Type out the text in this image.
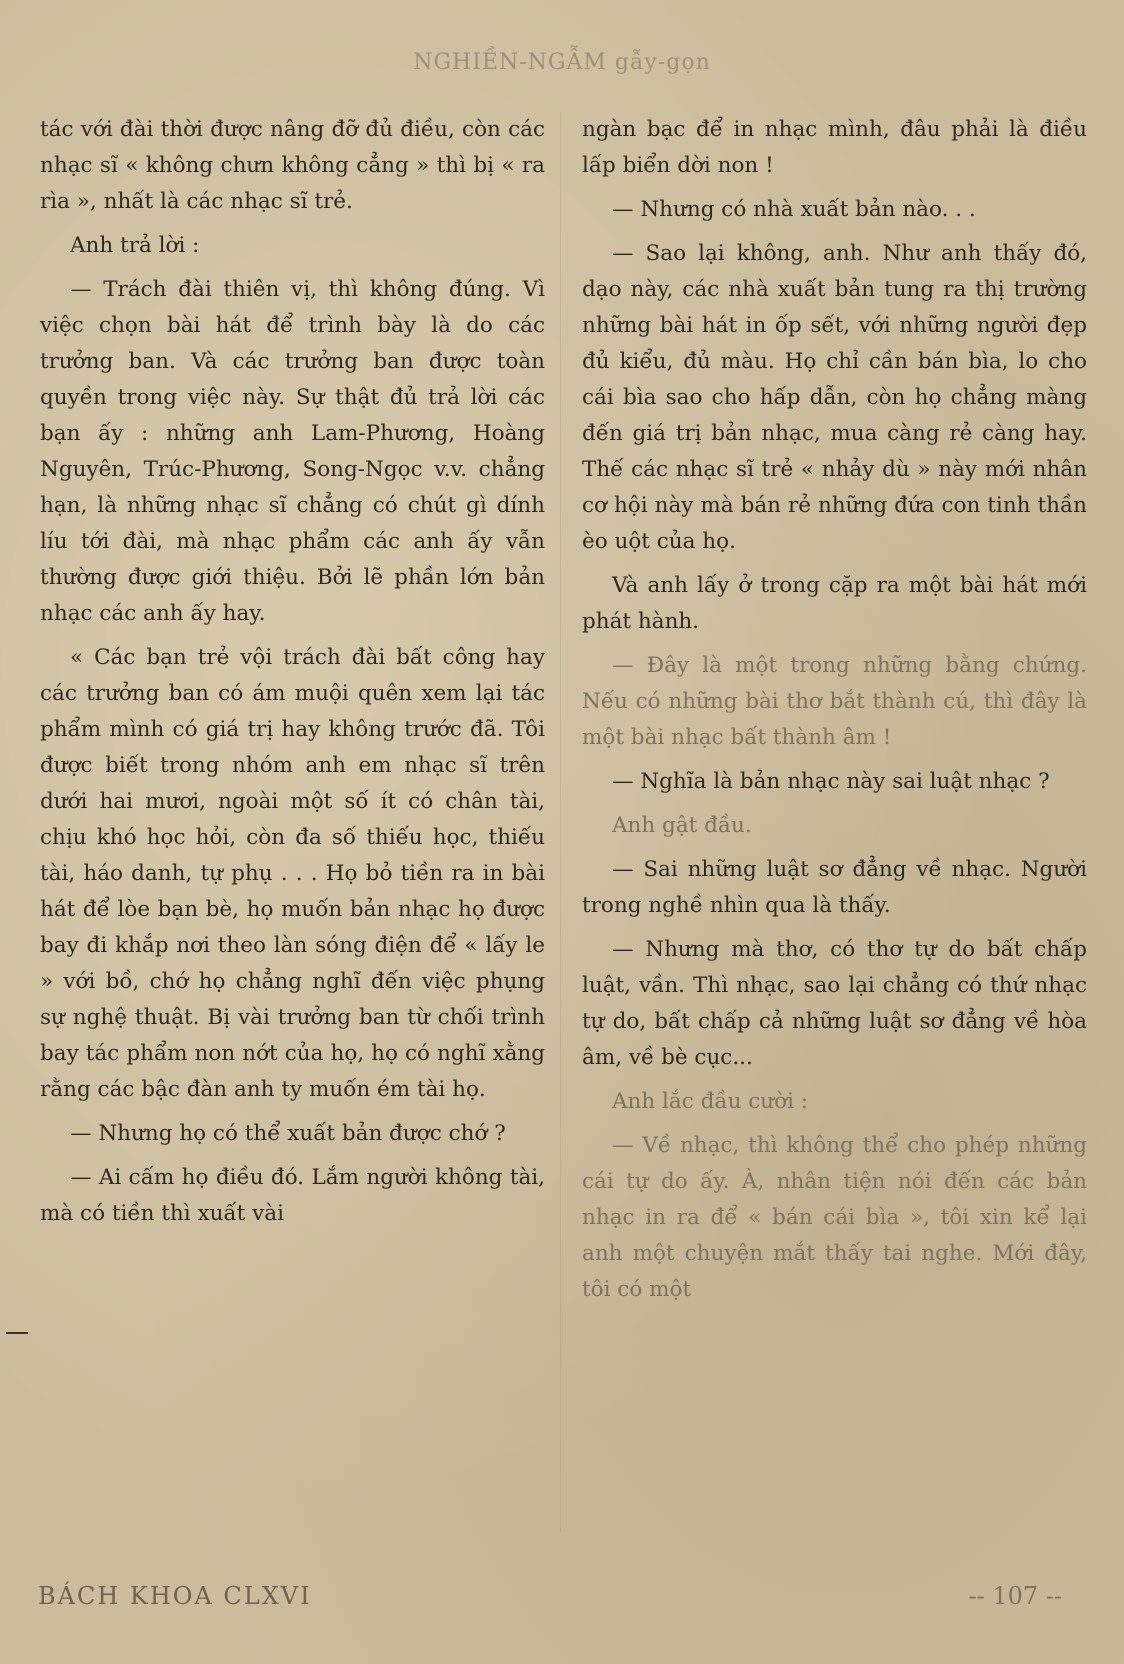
NGHIỀN-NGẪM gẫy-gọn

tác với đài thời được nâng đỡ đủ điều, còn các nhạc sĩ « không chưn không cẳng » thì bị « ra rìa », nhất là các nhạc sĩ trẻ.

Anh trả lời :

— Trách đài thiên vị, thì không đúng. Vì việc chọn bài hát để trình bày là do các trưởng ban. Và các trưởng ban được toàn quyền trong việc này. Sự thật đủ trả lời các bạn ấy : những anh Lam-Phương, Hoàng Nguyên, Trúc-Phương, Song-Ngọc v.v. chẳng hạn, là những nhạc sĩ chẳng có chút gì dính líu tới đài, mà nhạc phẩm các anh ấy vẫn thường được giới thiệu. Bởi lẽ phần lớn bản nhạc các anh ấy hay.

« Các bạn trẻ vội trách đài bất công hay các trưởng ban có ám muội quên xem lại tác phẩm mình có giá trị hay không trước đã. Tôi được biết trong nhóm anh em nhạc sĩ trên dưới hai mươi, ngoài một số ít có chân tài, chịu khó học hỏi, còn đa số thiếu học, thiếu tài, háo danh, tự phụ . . . Họ bỏ tiền ra in bài hát để lòe bạn bè, họ muốn bản nhạc họ được bay đi khắp nơi theo làn sóng điện để « lấy le » với bồ, chớ họ chẳng nghĩ đến việc phụng sự nghệ thuật. Bị vài trưởng ban từ chối trình bay tác phẩm non nớt của họ, họ có nghĩ xằng rằng các bậc đàn anh ty muốn ém tài họ.

— Nhưng họ có thể xuất bản được chớ ?

— Ai cấm họ điều đó. Lắm người không tài, mà có tiền thì xuất vài

ngàn bạc để in nhạc mình, đâu phải là điều lấp biển dời non !

— Nhưng có nhà xuất bản nào. . .

— Sao lại không, anh. Như anh thấy đó, dạo này, các nhà xuất bản tung ra thị trường những bài hát in ốp sết, với những người đẹp đủ kiểu, đủ màu. Họ chỉ cần bán bìa, lo cho cái bìa sao cho hấp dẫn, còn họ chẳng màng đến giá trị bản nhạc, mua càng rẻ càng hay. Thế các nhạc sĩ trẻ « nhảy dù » này mới nhân cơ hội này mà bán rẻ những đứa con tinh thần èo uột của họ.

Và anh lấy ở trong cặp ra một bài hát mới phát hành.

— Đây là một trong những bằng chứng. Nếu có những bài thơ bắt thành cú, thì đây là một bài nhạc bất thành âm !

— Nghĩa là bản nhạc này sai luật nhạc ?

Anh gật đầu.

— Sai những luật sơ đẳng về nhạc. Người trong nghề nhìn qua là thấy.

— Nhưng mà thơ, có thơ tự do bất chấp luật, vần. Thì nhạc, sao lại chẳng có thứ nhạc tự do, bất chấp cả những luật sơ đẳng về hòa âm, về bè cục...

Anh lắc đầu cười :

— Về nhạc, thì không thể cho phép những cái tự do ấy. À, nhân tiện nói đến các bản nhạc in ra để « bán cái bìa », tôi xin kể lại anh một chuyện mắt thấy tai nghe. Mới đây, tôi có một

BÁCH KHOA CLXVI	-- 107 --
